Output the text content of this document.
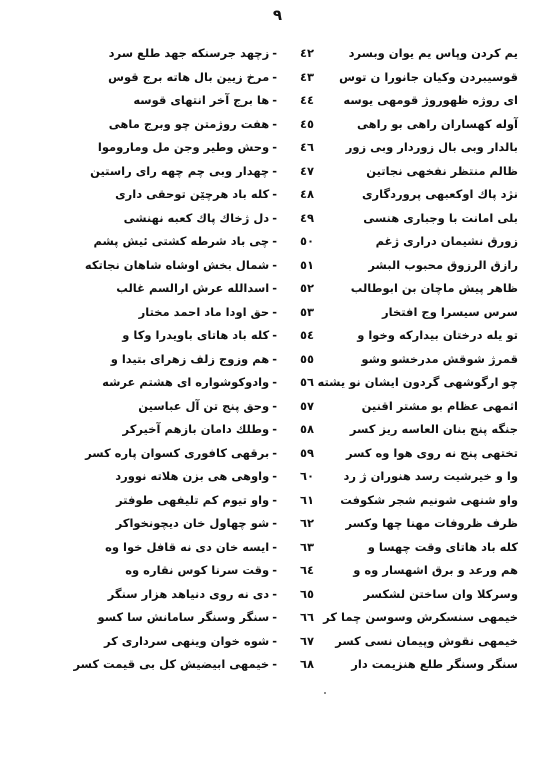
٩
٤٢
-
زچهد جرسنکه جهد طلع سرد
٤٣
-
مرخ زیین بال هاته برج قوس
٤٤
-
ها برج آخر انتهای قوسه
٤٥
-
هفت روژمتن چو وبرج ماهی
٤٦
-
وحش وطیر وجن مل وماروموا
٤٧
-
چهدار وبی چم چهه رای راستین
٤٨
-
کله باد هرچێن توحقی داری
٤٩
-
دل ژخاك پاك کعبه نهنشی
٥٠
-
چی باد شرطه کشتی ئیش پشم
٥١
-
شمال بخش اوشاه شاهان نجاتکه
٥٢
-
اسدالله عرش ارالسم غالب
٥٣
-
حق اودا ماد احمد مختار
٥٤
-
کله باد هاتای باویدرا وکا و
٥٥
-
هم وزوج زلف زهرای بتیدا و
٥٦
-
وادوکوشواره ای هشتم عرشه
٥٧
-
وحق پنج تن آل عباسین
٥٨
-
وطلك دامان بازهم آخیرکر
٥٩
-
برقهی کافوری کسوان پاره کسر
٦٠
-
واوهی هی بزن هلاته نوورد
٦١
-
واو تیوم کم تلیفهی طوفتر
٦٢
-
شو چهاول خان دیچونخواکر
٦٣
-
ایسه خان دی نه قافل خوا وه
٦٤
-
وقت سرنا کوس نقاره وه
٦٥
-
دی نه روی دنیاهد هزار سنگر
٦٦
-
سنگر وسنگر سامانش سا کسو
٦٧
-
شوه خوان وینهی سرداری کر
٦٨
-
خیمهی ابیضیش کل بی قیمت کسر
یم کردن وپاس یم یوان وبسرد
قوسیبردن وکیان جانورا ن توس
ای روژه ظهوروژ قومهی یوسه
آوله کهساران راهی بو راهی
بالدار وبی بال زوردار وبی زور
ظالم منتظر نفخهی نجاتین
نژد پاك اوکعبهی پروردگاری
بلی امانت با وجباری هنسی
زورق نشیمان دراری ژغم
رازق الرزوق محبوب البشر
ظاهر پیش ماچان بن ابوطالب
سرس سیسرا وج افتخار
تو یله درختان بیدارکه وخوا و
قمرژ شوقش مدرخشو وشو
چو ارگوشهی گردون ایشان نو یشته
اثمهی عظام بو مشتر اقنین
جنگه پنج بنان العاسه ریز کسر
تختهی پنج نه روی هوا وه کسر
وا و خیرشیت رسد هنوران ژ رد
واو شنهی شونیم شجر شکوفت
ظرف ظروفات مهنا چها وکسر
کله باد هاتای وقت چهسا و
هم ورعد و برق اشهسار وه و
وسرکلا وان ساختن لشکسر
خیمهی سنسکرش وسوسن چما کر
خیمهی نقوش وپیمان نسی کسر
سنگر وسنگر طلع هنزیمت دار
